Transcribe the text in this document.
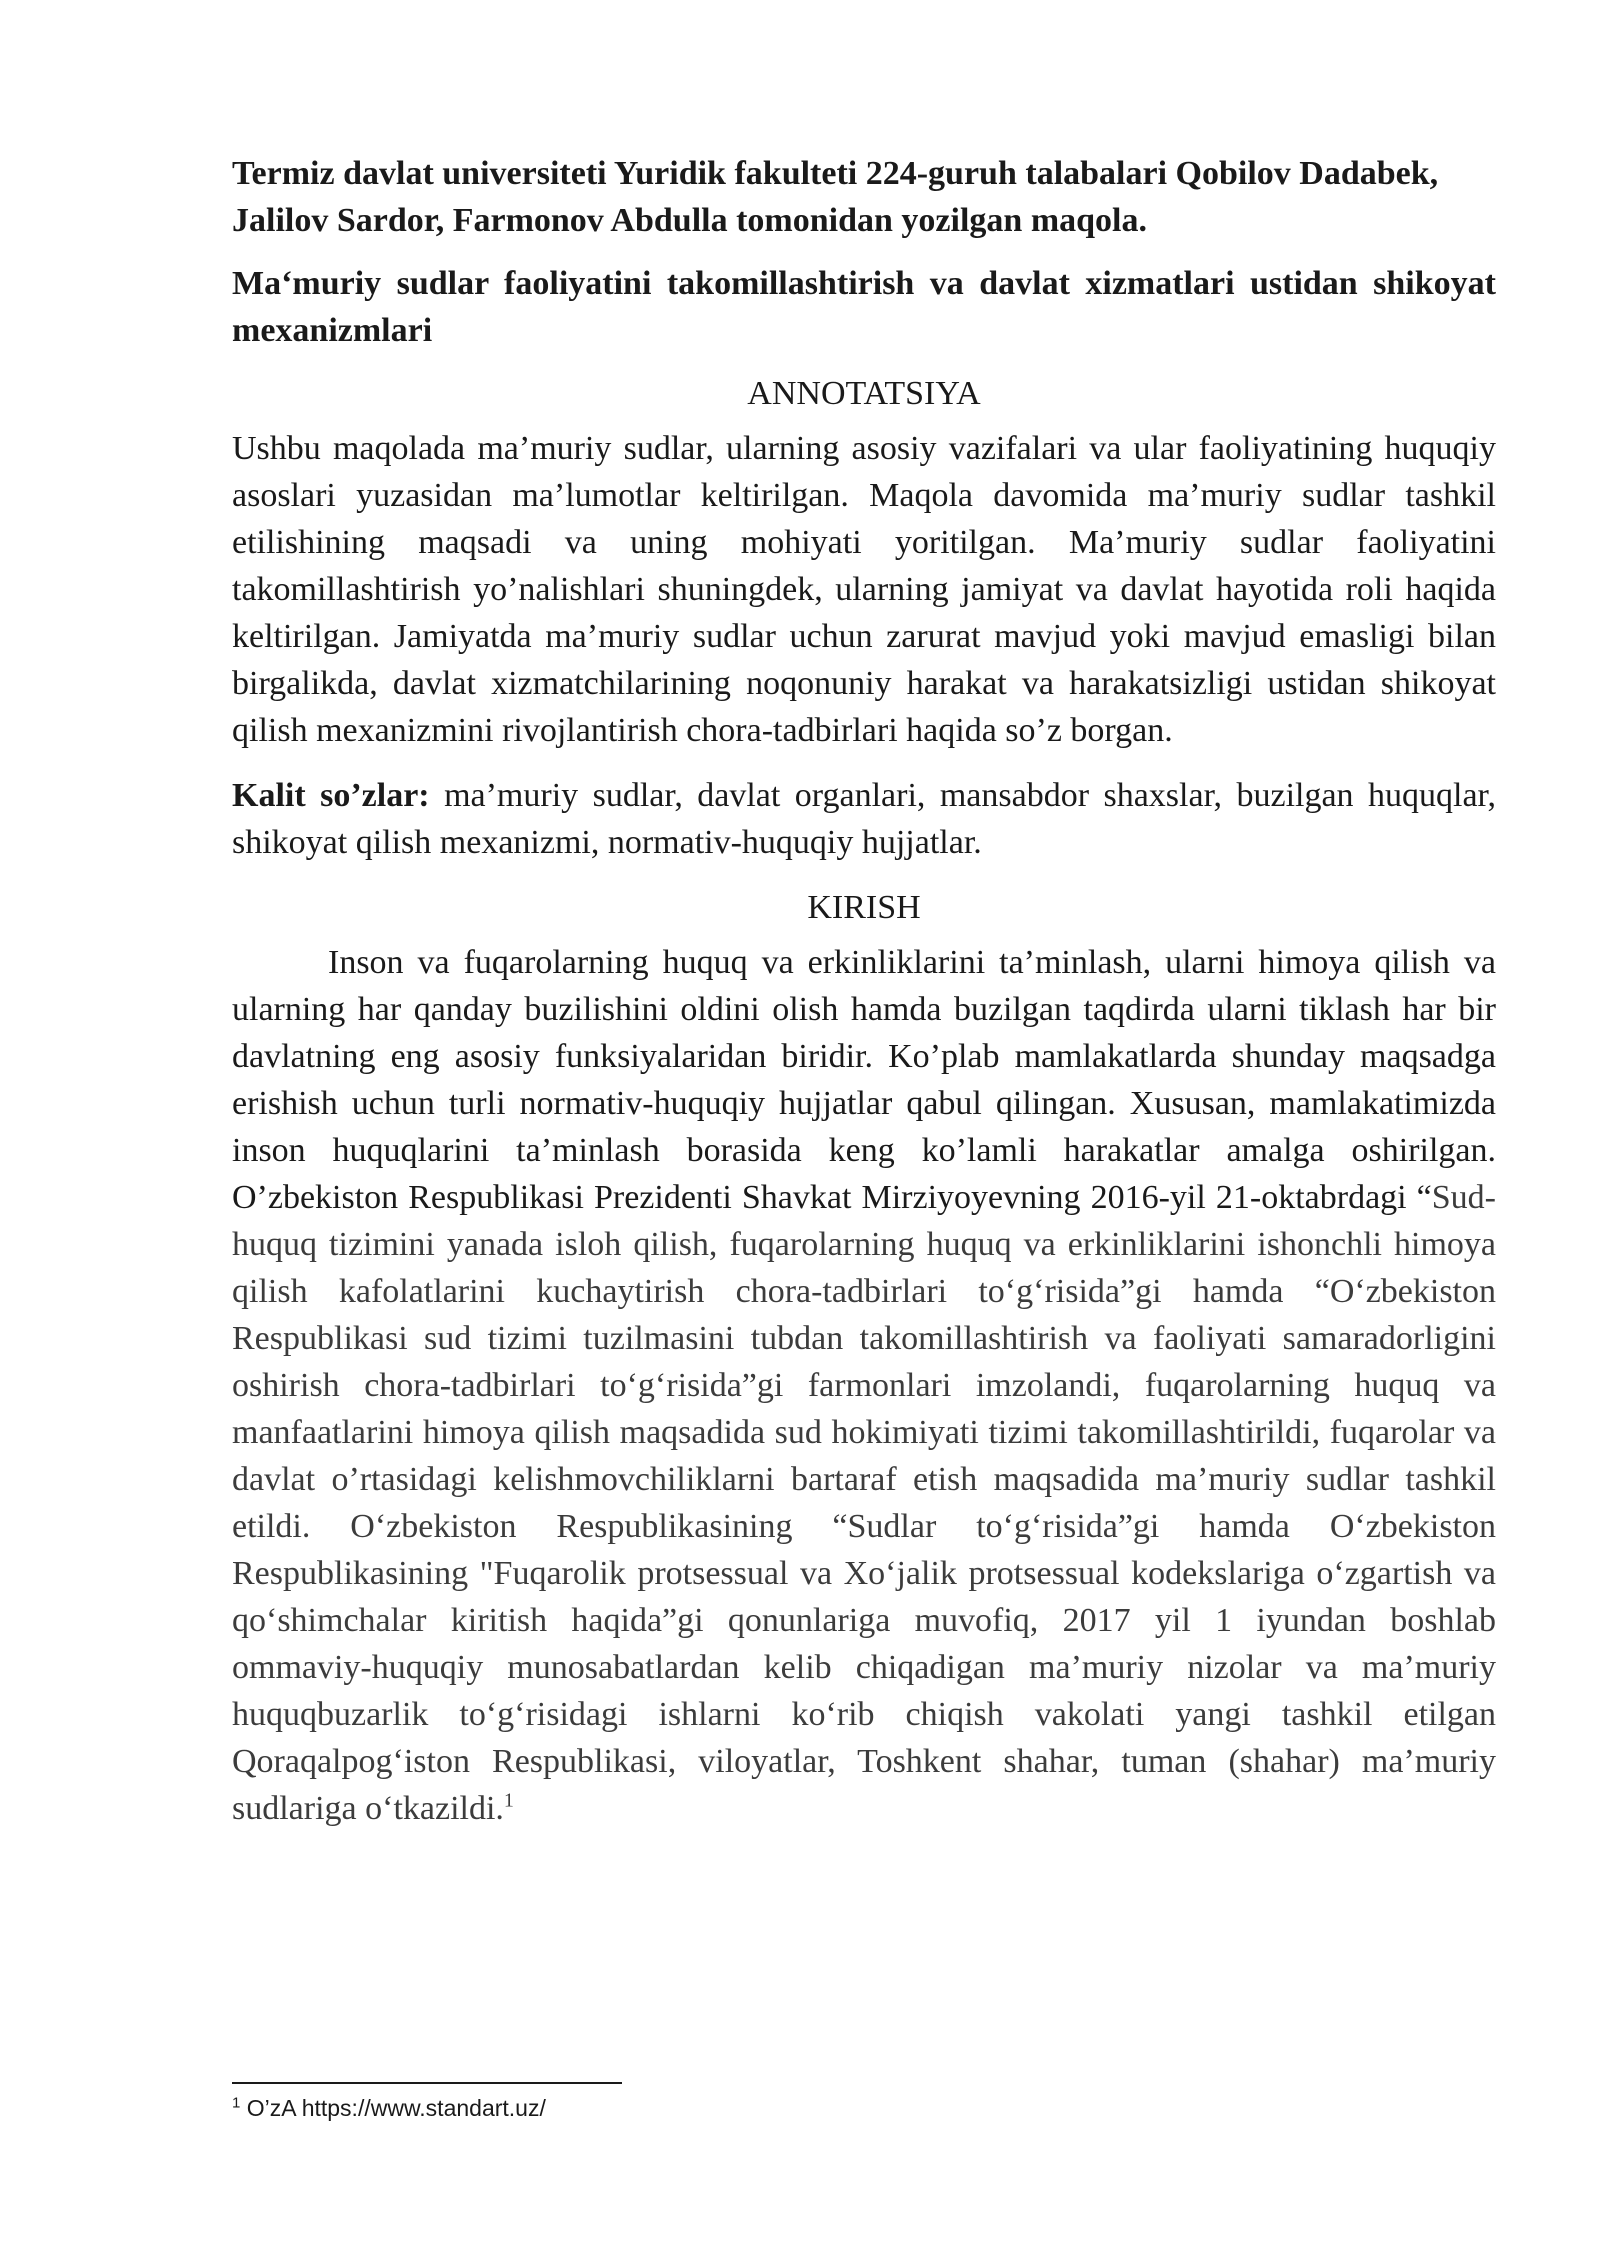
Termiz davlat universiteti Yuridik fakulteti 224-guruh talabalari Qobilov Dadabek, Jalilov Sardor, Farmonov Abdulla tomonidan yozilgan maqola.

Ma‘muriy sudlar faoliyatini takomillashtirish va davlat xizmatlari ustidan shikoyat mexanizmlari

ANNOTATSIYA

Ushbu maqolada ma’muriy sudlar, ularning asosiy vazifalari va ular faoliyatining huquqiy asoslari yuzasidan ma’lumotlar keltirilgan. Maqola davomida ma’muriy sudlar tashkil etilishining maqsadi va uning mohiyati yoritilgan. Ma’muriy sudlar faoliyatini takomillashtirish yo’nalishlari shuningdek, ularning jamiyat va davlat hayotida roli haqida keltirilgan. Jamiyatda ma’muriy sudlar uchun zarurat mavjud yoki mavjud emasligi bilan birgalikda, davlat xizmatchilarining noqonuniy harakat va harakatsizligi ustidan shikoyat qilish mexanizmini rivojlantirish chora-tadbirlari haqida so’z borgan.

Kalit so’zlar: ma’muriy sudlar, davlat organlari, mansabdor shaxslar, buzilgan huquqlar, shikoyat qilish mexanizmi, normativ-huquqiy hujjatlar.

KIRISH

Inson va fuqarolarning huquq va erkinliklarini ta’minlash, ularni himoya qilish va ularning har qanday buzilishini oldini olish hamda buzilgan taqdirda ularni tiklash har bir davlatning eng asosiy funksiyalaridan biridir. Ko’plab mamlakatlarda shunday maqsadga erishish uchun turli normativ-huquqiy hujjatlar qabul qilingan. Xususan, mamlakatimizda inson huquqlarini ta’minlash borasida keng ko’lamli harakatlar amalga oshirilgan. O’zbekiston Respublikasi Prezidenti Shavkat Mirziyoyevning 2016-yil 21-oktabrdagi “Sud-huquq tizimini yanada isloh qilish, fuqarolarning huquq va erkinliklarini ishonchli himoya qilish kafolatlarini kuchaytirish chora-tadbirlari to‘g‘risida”gi hamda “O‘zbekiston Respublikasi sud tizimi tuzilmasini tubdan takomillashtirish va faoliyati samaradorligini oshirish chora-tadbirlari to‘g‘risida”gi farmonlari imzolandi, fuqarolarning huquq va manfaatlarini himoya qilish maqsadida sud hokimiyati tizimi takomillashtirildi, fuqarolar va davlat o’rtasidagi kelishmovchiliklarni bartaraf etish maqsadida ma’muriy sudlar tashkil etildi. O‘zbekiston Respublikasining “Sudlar to‘g‘risida”gi hamda O‘zbekiston Respublikasining "Fuqarolik protsessual va Xo‘jalik protsessual kodekslariga o‘zgartish va qo‘shimchalar kiritish haqida”gi qonunlariga muvofiq, 2017 yil 1 iyundan boshlab ommaviy-huquqiy munosabatlardan kelib chiqadigan ma’muriy nizolar va ma’muriy huquqbuzarlik to‘g‘risidagi ishlarni ko‘rib chiqish vakolati yangi tashkil etilgan Qoraqalpog‘iston Respublikasi, viloyatlar, Toshkent shahar, tuman (shahar) ma’muriy sudlariga o‘tkazildi.$^1$

$^1$ O’zA https://www.standart.uz/
